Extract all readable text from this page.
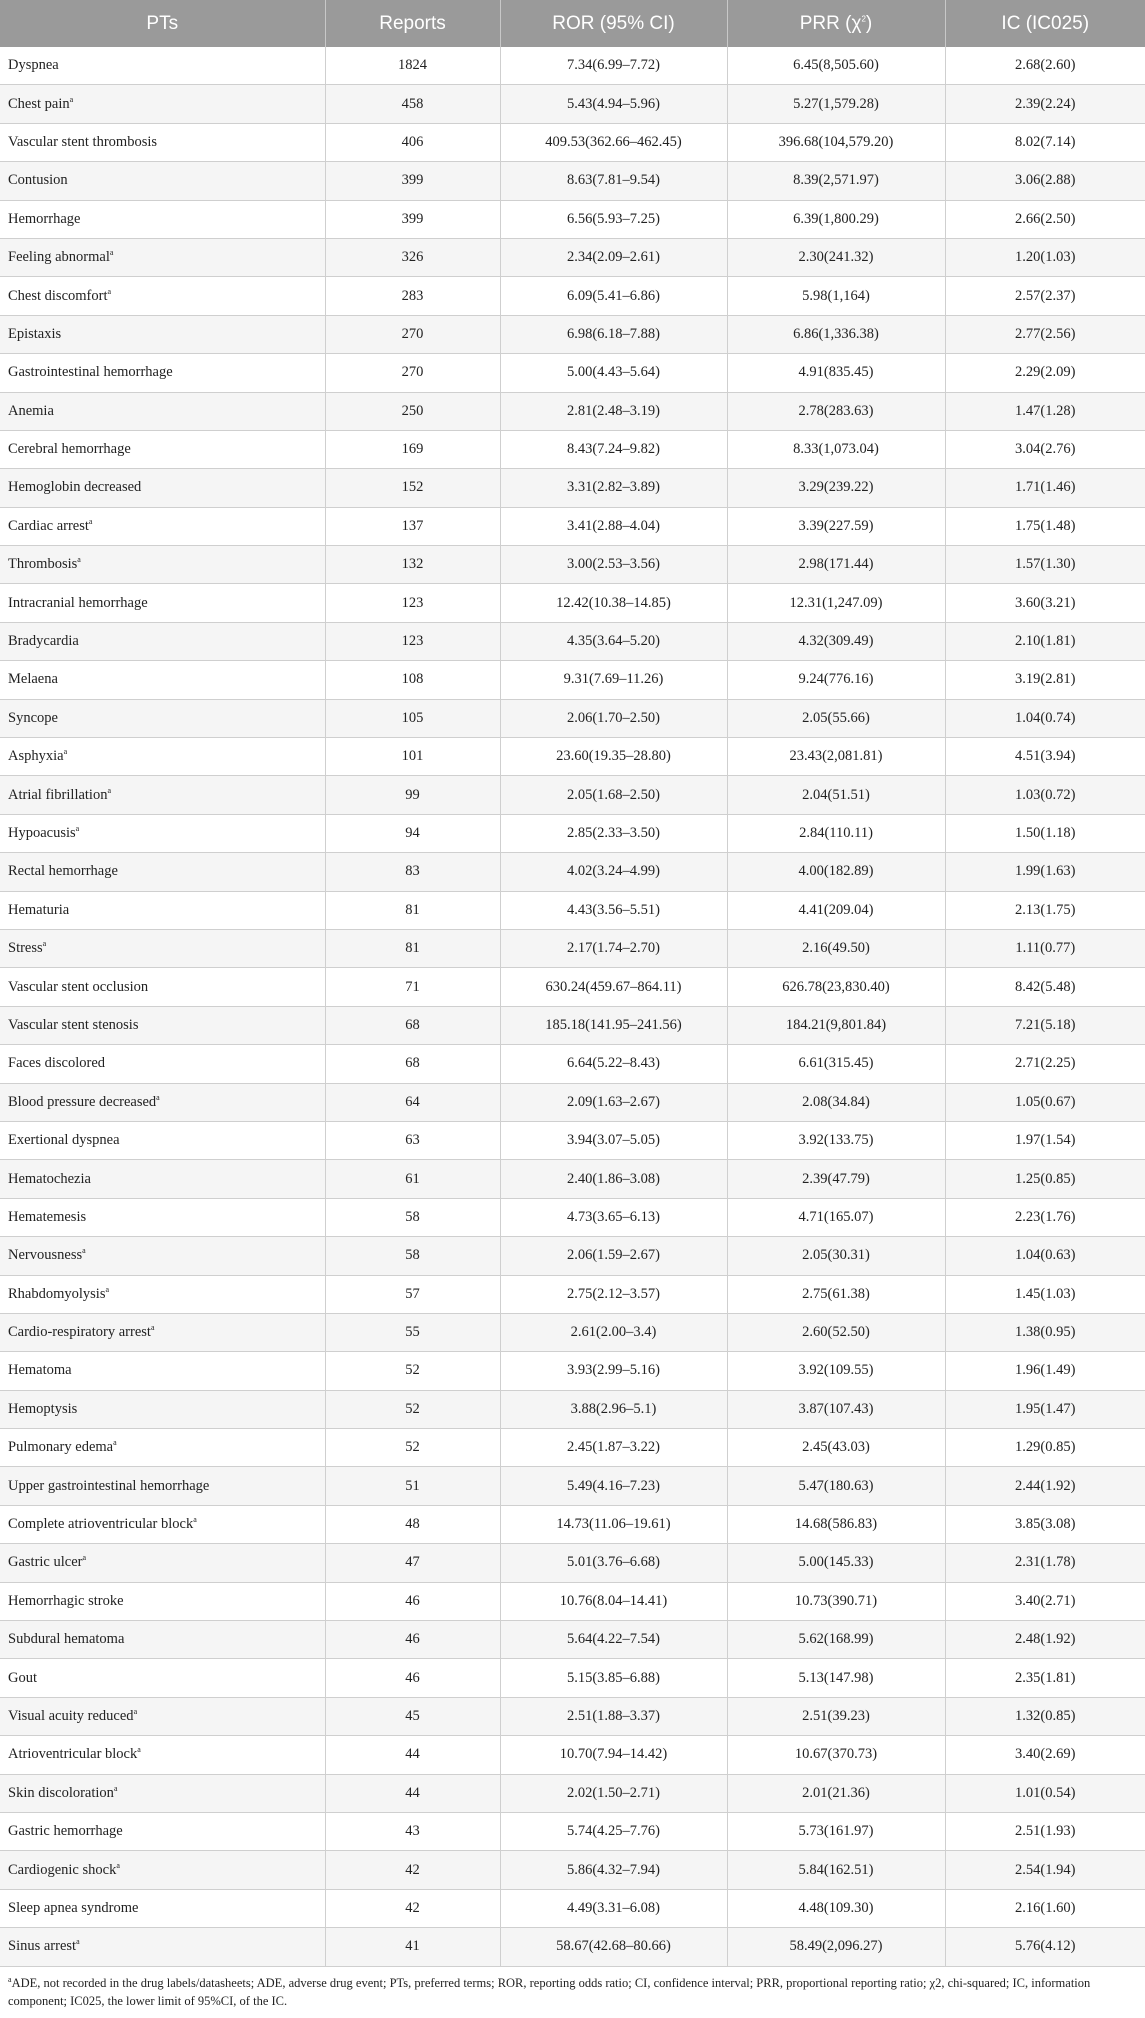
PTs	Reports	ROR (95% CI)	PRR $(\chi^2)$	IC (IC025)
Dyspnea	1824	7.34(6.99–7.72)	6.45(8,505.60)	2.68(2.60)
Chest pain$^a$	458	5.43(4.94–5.96)	5.27(1,579.28)	2.39(2.24)
Vascular stent thrombosis	406	409.53(362.66–462.45)	396.68(104,579.20)	8.02(7.14)
Contusion	399	8.63(7.81–9.54)	8.39(2,571.97)	3.06(2.88)
Hemorrhage	399	6.56(5.93–7.25)	6.39(1,800.29)	2.66(2.50)
Feeling abnormal$^a$	326	2.34(2.09–2.61)	2.30(241.32)	1.20(1.03)
Chest discomfort$^a$	283	6.09(5.41–6.86)	5.98(1,164)	2.57(2.37)
Epistaxis	270	6.98(6.18–7.88)	6.86(1,336.38)	2.77(2.56)
Gastrointestinal hemorrhage	270	5.00(4.43–5.64)	4.91(835.45)	2.29(2.09)
Anemia	250	2.81(2.48–3.19)	2.78(283.63)	1.47(1.28)
Cerebral hemorrhage	169	8.43(7.24–9.82)	8.33(1,073.04)	3.04(2.76)
Hemoglobin decreased	152	3.31(2.82–3.89)	3.29(239.22)	1.71(1.46)
Cardiac arrest$^a$	137	3.41(2.88–4.04)	3.39(227.59)	1.75(1.48)
Thrombosis$^a$	132	3.00(2.53–3.56)	2.98(171.44)	1.57(1.30)
Intracranial hemorrhage	123	12.42(10.38–14.85)	12.31(1,247.09)	3.60(3.21)
Bradycardia	123	4.35(3.64–5.20)	4.32(309.49)	2.10(1.81)
Melaena	108	9.31(7.69–11.26)	9.24(776.16)	3.19(2.81)
Syncope	105	2.06(1.70–2.50)	2.05(55.66)	1.04(0.74)
Asphyxia$^a$	101	23.60(19.35–28.80)	23.43(2,081.81)	4.51(3.94)
Atrial fibrillation$^a$	99	2.05(1.68–2.50)	2.04(51.51)	1.03(0.72)
Hypoacusis$^a$	94	2.85(2.33–3.50)	2.84(110.11)	1.50(1.18)
Rectal hemorrhage	83	4.02(3.24–4.99)	4.00(182.89)	1.99(1.63)
Hematuria	81	4.43(3.56–5.51)	4.41(209.04)	2.13(1.75)
Stress$^a$	81	2.17(1.74–2.70)	2.16(49.50)	1.11(0.77)
Vascular stent occlusion	71	630.24(459.67–864.11)	626.78(23,830.40)	8.42(5.48)
Vascular stent stenosis	68	185.18(141.95–241.56)	184.21(9,801.84)	7.21(5.18)
Faces discolored	68	6.64(5.22–8.43)	6.61(315.45)	2.71(2.25)
Blood pressure decreased$^a$	64	2.09(1.63–2.67)	2.08(34.84)	1.05(0.67)
Exertional dyspnea	63	3.94(3.07–5.05)	3.92(133.75)	1.97(1.54)
Hematochezia	61	2.40(1.86–3.08)	2.39(47.79)	1.25(0.85)
Hematemesis	58	4.73(3.65–6.13)	4.71(165.07)	2.23(1.76)
Nervousness$^a$	58	2.06(1.59–2.67)	2.05(30.31)	1.04(0.63)
Rhabdomyolysis$^a$	57	2.75(2.12–3.57)	2.75(61.38)	1.45(1.03)
Cardio-respiratory arrest$^a$	55	2.61(2.00–3.4)	2.60(52.50)	1.38(0.95)
Hematoma	52	3.93(2.99–5.16)	3.92(109.55)	1.96(1.49)
Hemoptysis	52	3.88(2.96–5.1)	3.87(107.43)	1.95(1.47)
Pulmonary edema$^a$	52	2.45(1.87–3.22)	2.45(43.03)	1.29(0.85)
Upper gastrointestinal hemorrhage	51	5.49(4.16–7.23)	5.47(180.63)	2.44(1.92)
Complete atrioventricular block$^a$	48	14.73(11.06–19.61)	14.68(586.83)	3.85(3.08)
Gastric ulcer$^a$	47	5.01(3.76–6.68)	5.00(145.33)	2.31(1.78)
Hemorrhagic stroke	46	10.76(8.04–14.41)	10.73(390.71)	3.40(2.71)
Subdural hematoma	46	5.64(4.22–7.54)	5.62(168.99)	2.48(1.92)
Gout	46	5.15(3.85–6.88)	5.13(147.98)	2.35(1.81)
Visual acuity reduced$^a$	45	2.51(1.88–3.37)	2.51(39.23)	1.32(0.85)
Atrioventricular block$^a$	44	10.70(7.94–14.42)	10.67(370.73)	3.40(2.69)
Skin discoloration$^a$	44	2.02(1.50–2.71)	2.01(21.36)	1.01(0.54)
Gastric hemorrhage	43	5.74(4.25–7.76)	5.73(161.97)	2.51(1.93)
Cardiogenic shock$^a$	42	5.86(4.32–7.94)	5.84(162.51)	2.54(1.94)
Sleep apnea syndrome	42	4.49(3.31–6.08)	4.48(109.30)	2.16(1.60)
Sinus arrest$^a$	41	58.67(42.68–80.66)	58.49(2,096.27)	5.76(4.12)
$^a$ADE, not recorded in the drug labels/datasheets; ADE, adverse drug event; PTs, preferred terms; ROR, reporting odds ratio; CI, confidence interval; PRR, proportional reporting ratio; χ2, chi-squared; IC, information component; IC025, the lower limit of 95%CI, of the IC.
